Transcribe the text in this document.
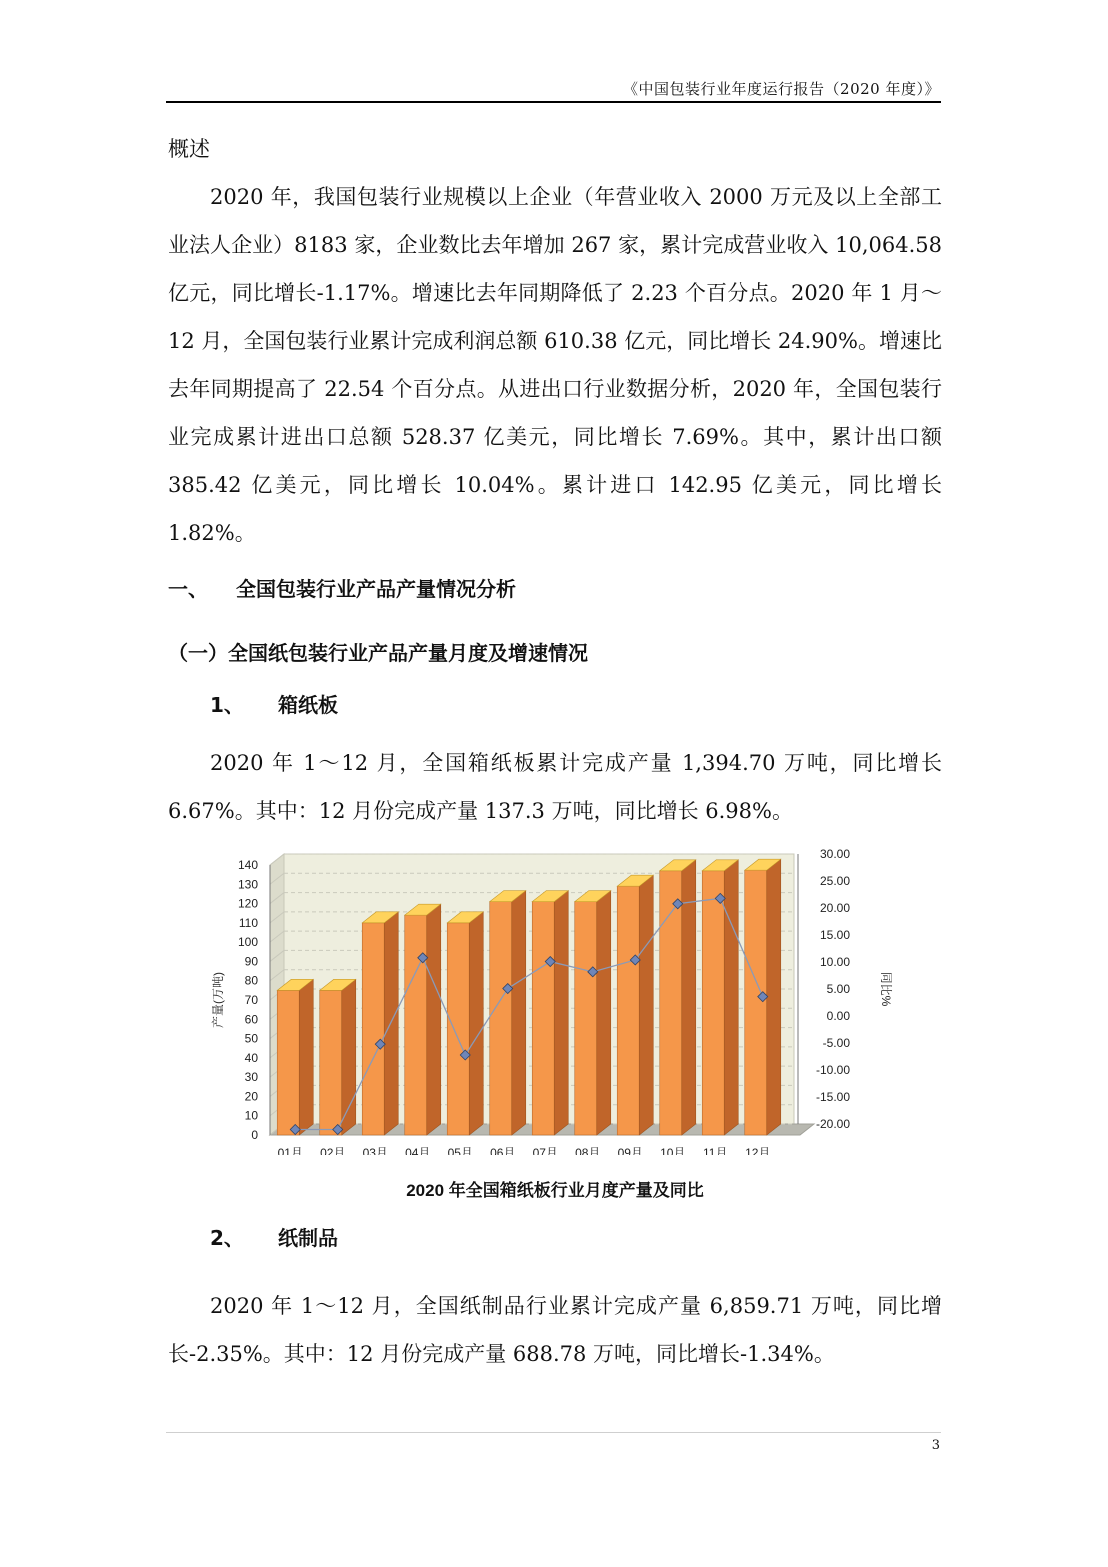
《中国包装行业年度运行报告（2020 年度）》

概述

2020 年，我国包装行业规模以上企业（年营业收入 2000 万元及以上全部工业法人企业）8183 家，企业数比去年增加 267 家，累计完成营业收入 10,064.58 亿元，同比增长-1.17%。增速比去年同期降低了 2.23 个百分点。2020 年 1 月～12 月，全国包装行业累计完成利润总额 610.38 亿元，同比增长 24.90%。增速比去年同期提高了 22.54 个百分点。从进出口行业数据分析，2020 年，全国包装行业完成累计进出口总额 528.37 亿美元，同比增长 7.69%。其中，累计出口额 385.42 亿美元，同比增长 10.04%。累计进口 142.95 亿美元，同比增长 1.82%。

一、 全国包装行业产品产量情况分析

（一）全国纸包装行业产品产量月度及增速情况

1、 箱纸板

2020 年 1～12 月，全国箱纸板累计完成产量 1,394.70 万吨，同比增长 6.67%。其中：12 月份完成产量 137.3 万吨，同比增长 6.98%。

0
10
20
30
40
50
60
70
80
90
100
110
120
130
140
产量(万吨)
-20.00
-15.00
-10.00
-5.00
0.00
5.00
10.00
15.00
20.00
25.00
30.00
同比%
01月 02月 03月 04月 05月 06月 07月 08月 09月 10月 11月 12月
2020 年全国箱纸板行业月度产量及同比

2、 纸制品

2020 年 1～12 月，全国纸制品行业累计完成产量 6,859.71 万吨，同比增长-2.35%。其中：12 月份完成产量 688.78 万吨，同比增长-1.34%。

3
